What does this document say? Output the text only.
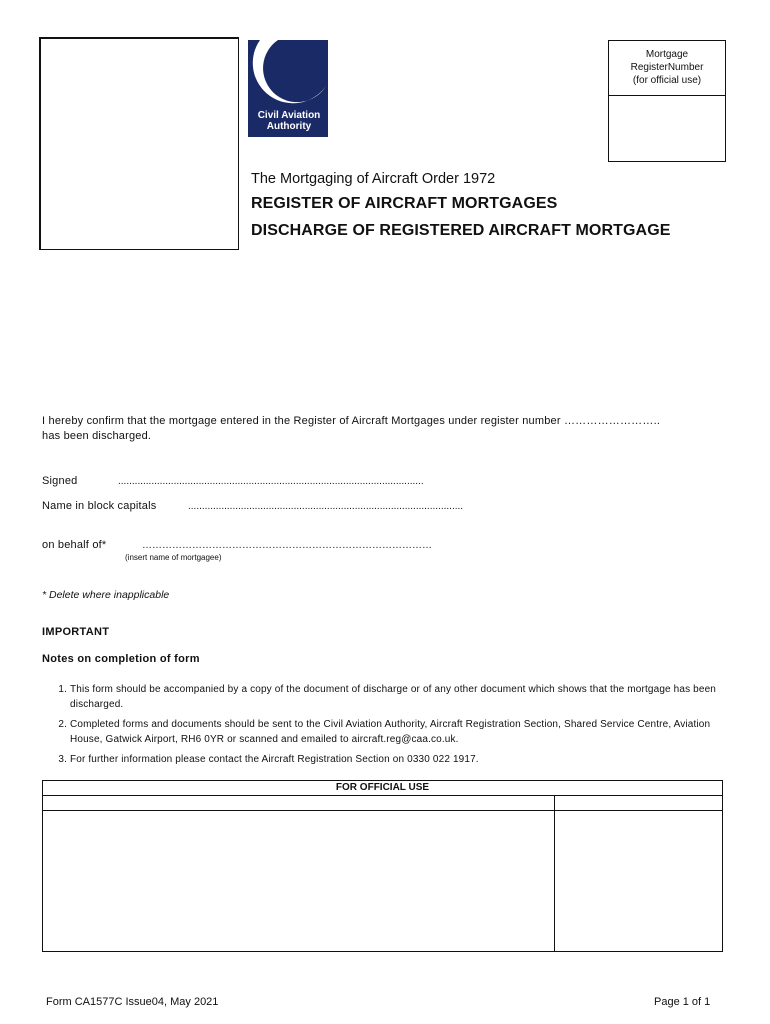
Civil Aviation
Authority
Mortgage
RegisterNumber
(for official use)
The Mortgaging of Aircraft Order 1972
REGISTER OF AIRCRAFT MORTGAGES
DISCHARGE OF REGISTERED AIRCRAFT MORTGAGE
I hereby confirm that the mortgage entered in the Register of Aircraft Mortgages under register number ……………………..
has been discharged.
Signed	..............................................................................................................
Name in block capitals	...................................................................................................
on behalf of*	……………………………………………………………………………
(insert name of mortgagee)
* Delete where inapplicable
IMPORTANT
Notes on completion of form
1. This form should be accompanied by a copy of the document of discharge or of any other document which shows that the mortgage has been discharged.
2. Completed forms and documents should be sent to the Civil Aviation Authority, Aircraft Registration Section, Shared Service Centre, Aviation House, Gatwick Airport, RH6 0YR or scanned and emailed to aircraft.reg@caa.co.uk.
3. For further information please contact the Aircraft Registration Section on 0330 022 1917.
FOR OFFICIAL USE
Form CA1577C Issue04, May 2021	Page 1 of 1
